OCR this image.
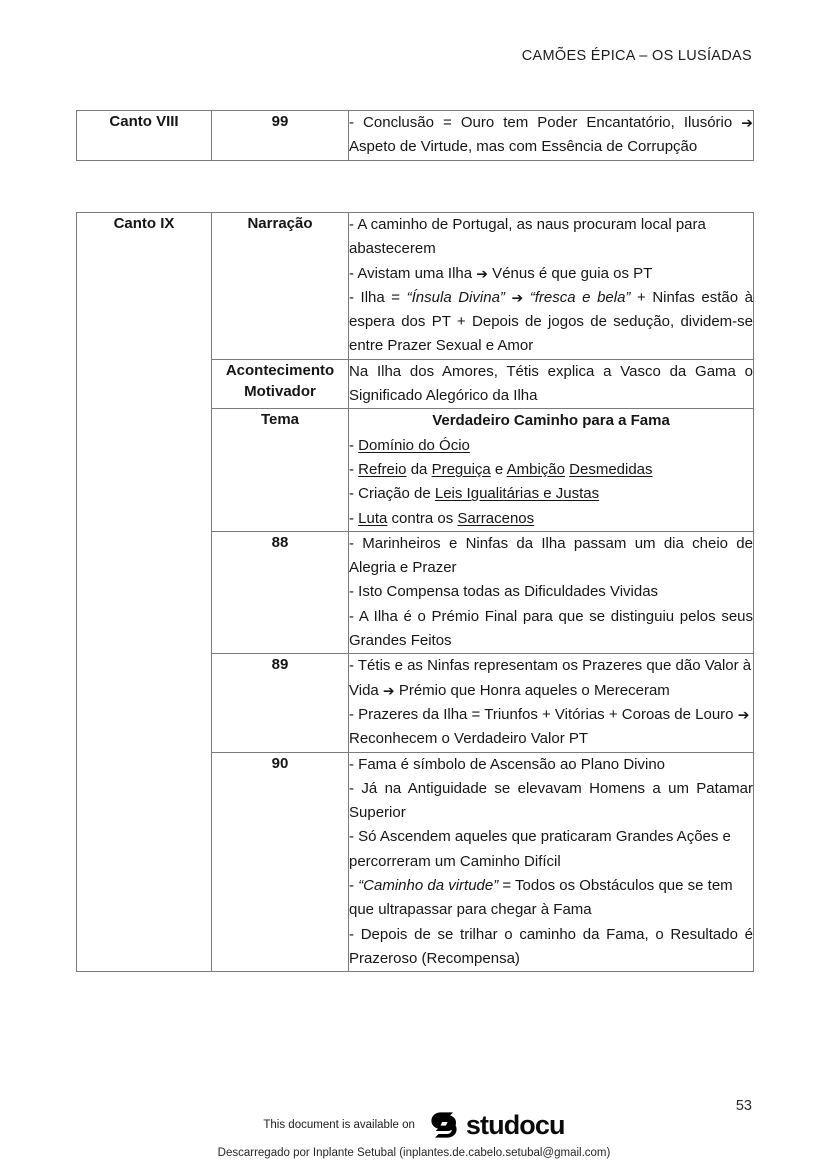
CAMÕES ÉPICA – OS LUSÍADAS
Canto VIII	99	- Conclusão = Ouro tem Poder Encantatório, Ilusório ➔ Aspeto de Virtude, mas com Essência de Corrupção

Canto IX	Narração	- A caminho de Portugal, as naus procuram local para abastecerem

- Avistam uma Ilha ➔ Vénus é que guia os PT

- Ilha = “Ínsula Divina” ➔ “fresca e bela” + Ninfas estão à espera dos PT + Depois de jogos de sedução, dividem-se entre Prazer Sexual e Amor

	Acontecimento Motivador	Na Ilha dos Amores, Tétis explica a Vasco da Gama o Significado Alegórico da Ilha

	Tema	Verdadeiro Caminho para a Fama

- Domínio do Ócio

- Refreio da Preguiça e Ambição Desmedidas

- Criação de Leis Igualitárias e Justas

- Luta contra os Sarracenos

	88	- Marinheiros e Ninfas da Ilha passam um dia cheio de Alegria e Prazer

- Isto Compensa todas as Dificuldades Vividas

- A Ilha é o Prémio Final para que se distinguiu pelos seus Grandes Feitos

	89	- Tétis e as Ninfas representam os Prazeres que dão Valor à Vida ➔ Prémio que Honra aqueles o Mereceram

- Prazeres da Ilha = Triunfos + Vitórias + Coroas de Louro ➔ Reconhecem o Verdadeiro Valor PT

	90	- Fama é símbolo de Ascensão ao Plano Divino

- Já na Antiguidade se elevavam Homens a um Patamar Superior

- Só Ascendem aqueles que praticaram Grandes Ações e percorreram um Caminho Difícil

- “Caminho da virtude” = Todos os Obstáculos que se tem que ultrapassar para chegar à Fama

- Depois de se trilhar o caminho da Fama, o Resultado é Prazeroso (Recompensa)

53
This document is available on studocu
Descarregado por Inplante Setubal (inplantes.de.cabelo.setubal@gmail.com)
